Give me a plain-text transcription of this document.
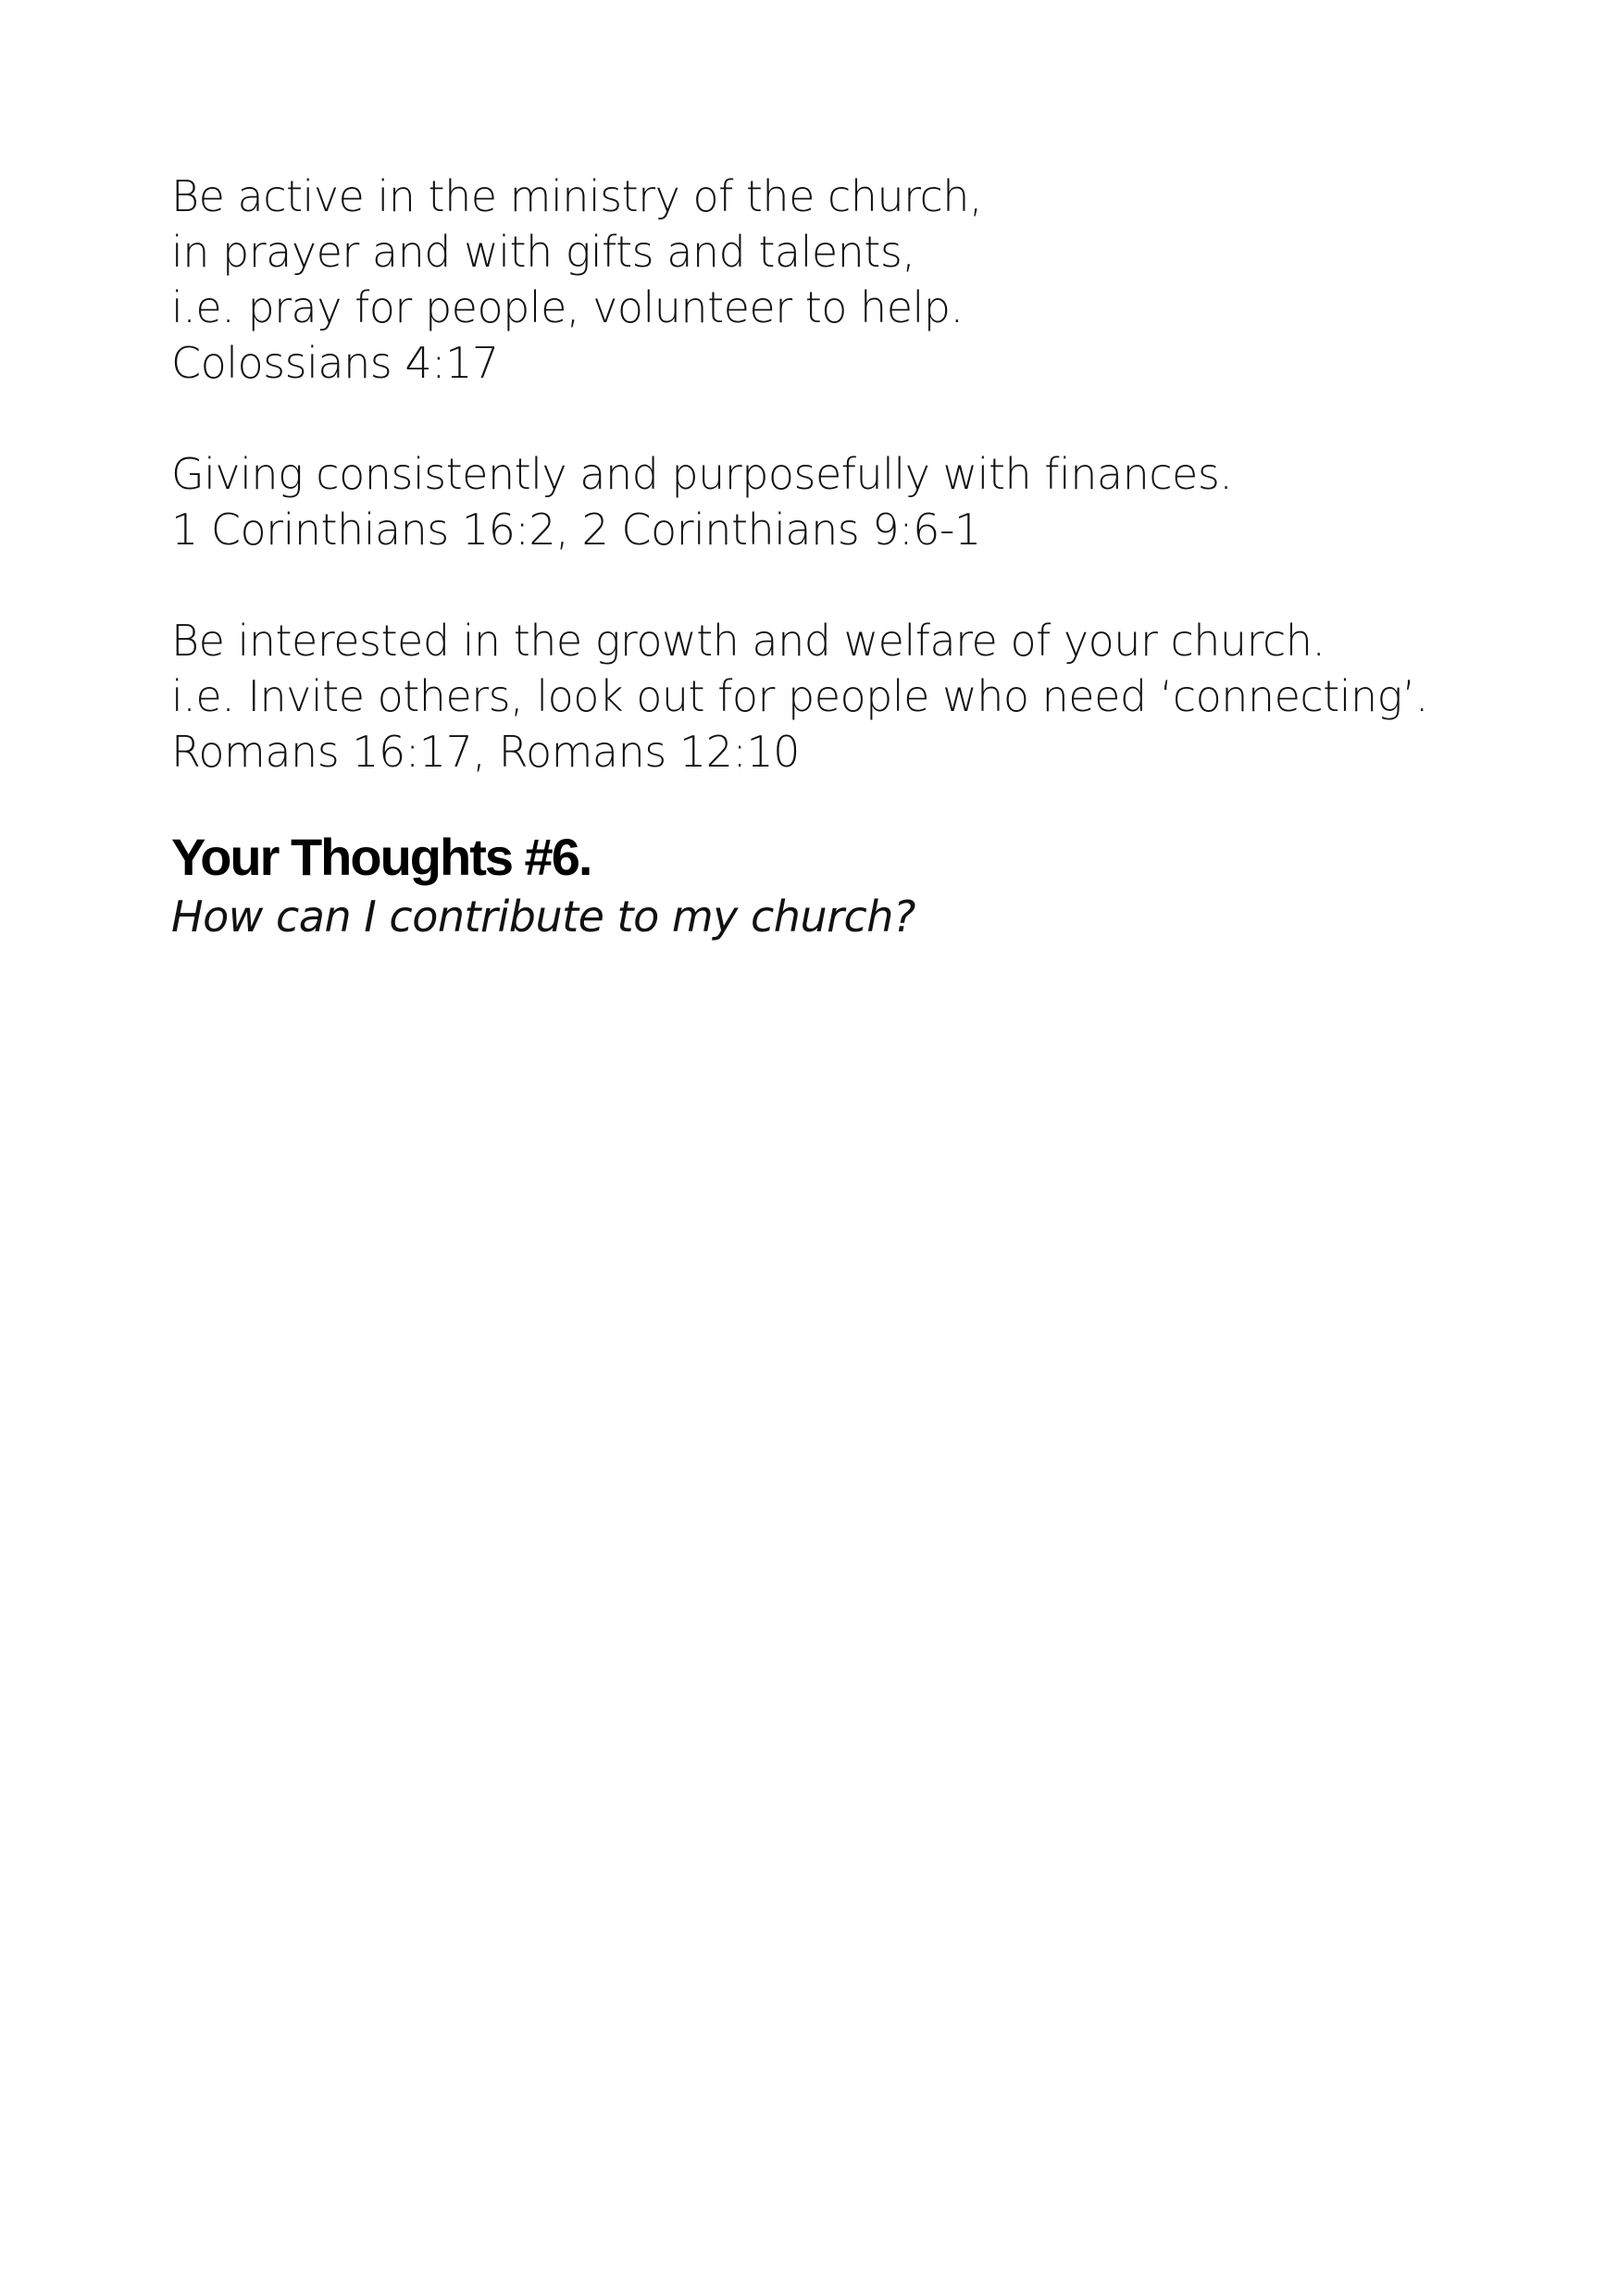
Be active in the ministry of the church,

in prayer and with gifts and talents,

i.e. pray for people, volunteer to help.

Colossians 4:17

Giving consistently and purposefully with finances.

1 Corinthians 16:2, 2 Corinthians 9:6-1

Be interested in the growth and welfare of your church.

i.e. Invite others, look out for people who need ‘connecting’.

Romans 16:17, Romans 12:10

Your Thoughts #6.

How can I contribute to my church?
